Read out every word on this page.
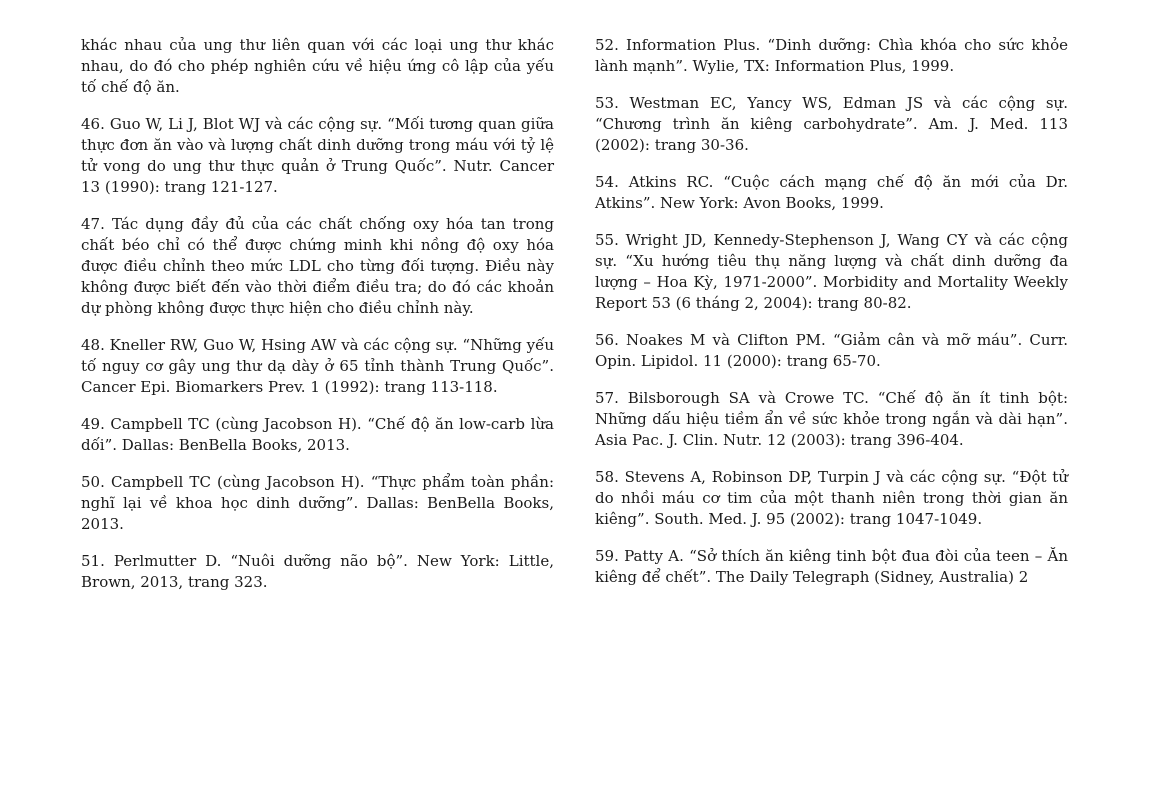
khác nhau của ung thư liên quan với các loại ung thư khác nhau, do đó cho phép nghiên cứu về hiệu ứng cô lập của yếu tố chế độ ăn.

46. Guo W, Li J, Blot WJ và các cộng sự. “Mối tương quan giữa thực đơn ăn vào và lượng chất dinh dưỡng trong máu với tỷ lệ tử vong do ung thư thực quản ở Trung Quốc”. Nutr. Cancer 13 (1990): trang 121-127.

47. Tác dụng đầy đủ của các chất chống oxy hóa tan trong chất béo chỉ có thể được chứng minh khi nồng độ oxy hóa được điều chỉnh theo mức LDL cho từng đối tượng. Điều này không được biết đến vào thời điểm điều tra; do đó các khoản dự phòng không được thực hiện cho điều chỉnh này.

48. Kneller RW, Guo W, Hsing AW và các cộng sự. “Những yếu tố nguy cơ gây ung thư dạ dày ở 65 tỉnh thành Trung Quốc”. Cancer Epi. Biomarkers Prev. 1 (1992): trang 113-118.

49. Campbell TC (cùng Jacobson H). “Chế độ ăn low-carb lừa dối”. Dallas: BenBella Books, 2013.

50. Campbell TC (cùng Jacobson H). “Thực phẩm toàn phần: nghĩ lại về khoa học dinh dưỡng”. Dallas: BenBella Books, 2013.

51. Perlmutter D. “Nuôi dưỡng não bộ”. New York: Little, Brown, 2013, trang 323.

52. Information Plus. “Dinh dưỡng: Chìa khóa cho sức khỏe lành mạnh”. Wylie, TX: Information Plus, 1999.

53. Westman EC, Yancy WS, Edman JS và các cộng sự. “Chương trình ăn kiêng carbohydrate”. Am. J. Med. 113 (2002): trang 30-36.

54. Atkins RC. “Cuộc cách mạng chế độ ăn mới của Dr. Atkins”. New York: Avon Books, 1999.

55. Wright JD, Kennedy-Stephenson J, Wang CY và các cộng sự. “Xu hướng tiêu thụ năng lượng và chất dinh dưỡng đa lượng – Hoa Kỳ, 1971-2000”. Morbidity and Mortality Weekly Report 53 (6 tháng 2, 2004): trang 80-82.

56. Noakes M và Clifton PM. “Giảm cân và mỡ máu”. Curr. Opin. Lipidol. 11 (2000): trang 65-70.

57. Bilsborough SA và Crowe TC. “Chế độ ăn ít tinh bột: Những dấu hiệu tiềm ẩn về sức khỏe trong ngắn và dài hạn”. Asia Pac. J. Clin. Nutr. 12 (2003): trang 396-404.

58. Stevens A, Robinson DP, Turpin J và các cộng sự. “Đột tử do nhồi máu cơ tim của một thanh niên trong thời gian ăn kiêng”. South. Med. J. 95 (2002): trang 1047-1049.

59. Patty A. “Sở thích ăn kiêng tinh bột đua đòi của teen – Ăn kiêng để chết”. The Daily Telegraph (Sidney, Australia) 2
